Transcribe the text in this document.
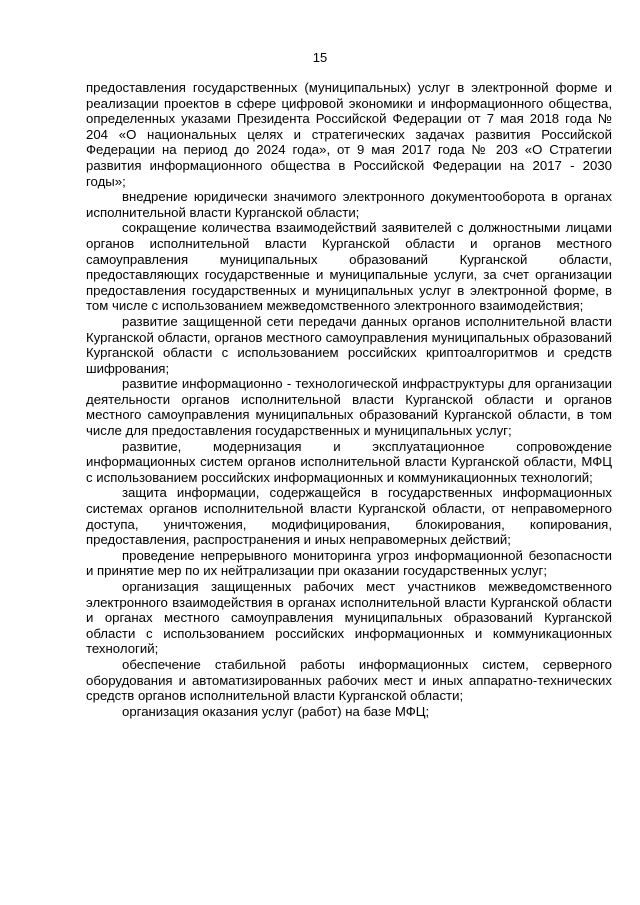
15

предоставления государственных (муниципальных) услуг в электронной форме и реализации проектов в сфере цифровой экономики и информационного общества, определенных указами Президента Российской Федерации от 7 мая 2018 года № 204 «О национальных целях и стратегических задачах развития Российской Федерации на период до 2024 года», от 9 мая 2017 года № 203 «О Стратегии развития информационного общества в Российской Федерации на 2017 - 2030 годы»;

внедрение юридически значимого электронного документооборота в органах исполнительной власти Курганской области;

сокращение количества взаимодействий заявителей с должностными лицами органов исполнительной власти Курганской области и органов местного самоуправления муниципальных образований Курганской области, предоставляющих государственные и муниципальные услуги, за счет организации предоставления государственных и муниципальных услуг в электронной форме, в том числе с использованием межведомственного электронного взаимодействия;

развитие защищенной сети передачи данных органов исполнительной власти Курганской области, органов местного самоуправления муниципальных образований Курганской области с использованием российских криптоалгоритмов и средств шифрования;

развитие информационно - технологической инфраструктуры для организации деятельности органов исполнительной власти Курганской области и органов местного самоуправления муниципальных образований Курганской области, в том числе для предоставления государственных и муниципальных услуг;

развитие, модернизация и эксплуатационное сопровождение информационных систем органов исполнительной власти Курганской области, МФЦ с использованием российских информационных и коммуникационных технологий;

защита информации, содержащейся в государственных информационных системах органов исполнительной власти Курганской области, от неправомерного доступа, уничтожения, модифицирования, блокирования, копирования, предоставления, распространения и иных неправомерных действий;

проведение непрерывного мониторинга угроз информационной безопасности и принятие мер по их нейтрализации при оказании государственных услуг;

организация защищенных рабочих мест участников межведомственного электронного взаимодействия в органах исполнительной власти Курганской области и органах местного самоуправления муниципальных образований Курганской области с использованием российских информационных и коммуникационных технологий;

обеспечение стабильной работы информационных систем, серверного оборудования и автоматизированных рабочих мест и иных аппаратно-технических средств органов исполнительной власти Курганской области;

организация оказания услуг (работ) на базе МФЦ;
